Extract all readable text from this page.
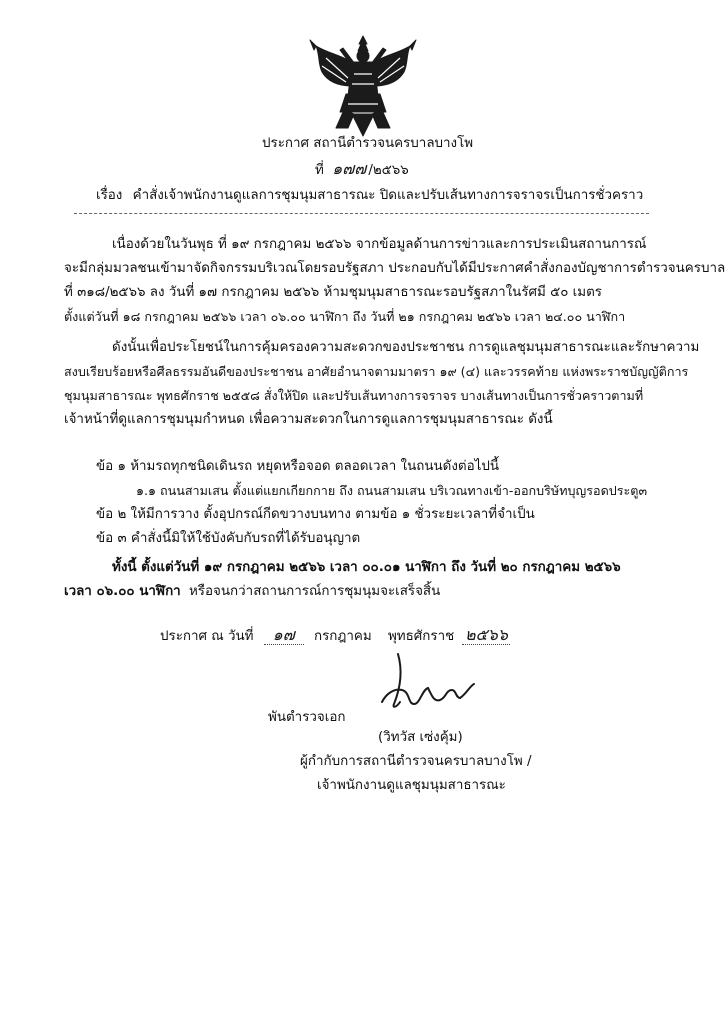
ประกาศ สถานีตำรวจนครบาลบางโพ
ที่ ๑๗๗ /๒๕๖๖
เรื่อง คำสั่งเจ้าพนักงานดูแลการชุมนุมสาธารณะ ปิดและปรับเส้นทางการจราจรเป็นการชั่วคราว
เนื่องด้วยในวันพุธ ที่ ๑๙ กรกฎาคม ๒๕๖๖ จากข้อมูลด้านการข่าวและการประเมินสถานการณ์
จะมีกลุ่มมวลชนเข้ามาจัดกิจกรรมบริเวณโดยรอบรัฐสภา ประกอบกับได้มีประกาศคำสั่งกองบัญชาการตำรวจนครบาล
ที่ ๓๑๘/๒๕๖๖ ลง วันที่ ๑๗ กรกฎาคม ๒๕๖๖ ห้ามชุมนุมสาธารณะรอบรัฐสภาในรัศมี ๕๐ เมตร
ตั้งแต่วันที่ ๑๘ กรกฎาคม ๒๕๖๖ เวลา ๐๖.๐๐ นาฬิกา ถึง วันที่ ๒๑ กรกฎาคม ๒๕๖๖ เวลา ๒๔.๐๐ นาฬิกา
ดังนั้นเพื่อประโยชน์ในการคุ้มครองความสะดวกของประชาชน การดูแลชุมนุมสาธารณะและรักษาความ
สงบเรียบร้อยหรือศีลธรรมอันดีของประชาชน อาศัยอำนาจตามมาตรา ๑๙ (๔) และวรรคท้าย แห่งพระราชบัญญัติการ
ชุมนุมสาธารณะ พุทธศักราช ๒๕๕๘ สั่งให้ปิด และปรับเส้นทางการจราจร บางเส้นทางเป็นการชั่วคราวตามที่
เจ้าหน้าที่ดูแลการชุมนุมกำหนด เพื่อความสะดวกในการดูแลการชุมนุมสาธารณะ ดังนี้
ข้อ ๑ ห้ามรถทุกชนิดเดินรถ หยุดหรือจอด ตลอดเวลา ในถนนดังต่อไปนี้
๑.๑ ถนนสามเสน ตั้งแต่แยกเกียกกาย ถึง ถนนสามเสน บริเวณทางเข้า-ออกบริษัทบุญรอดประตู๓
ข้อ ๒ ให้มีการวาง ตั้งอุปกรณ์กีดขวางบนทาง ตามข้อ ๑ ชั่วระยะเวลาที่จำเป็น
ข้อ ๓ คำสั่งนี้มิให้ใช้บังคับกับรถที่ได้รับอนุญาต
ทั้งนี้ ตั้งแต่วันที่ ๑๙ กรกฎาคม ๒๕๖๖ เวลา ๐๐.๐๑ นาฬิกา ถึง วันที่ ๒๐ กรกฎาคม ๒๕๖๖
เวลา ๐๖.๐๐ นาฬิกา หรือจนกว่าสถานการณ์การชุมนุมจะเสร็จสิ้น
ประกาศ ณ วันที่ ๑๗ กรกฎาคม พุทธศักราช ๒๕๖๖
พันตำรวจเอก
(วิทวัส เซ่งคุ้ม)
ผู้กำกับการสถานีตำรวจนครบาลบางโพ /
เจ้าพนักงานดูแลชุมนุมสาธารณะ
